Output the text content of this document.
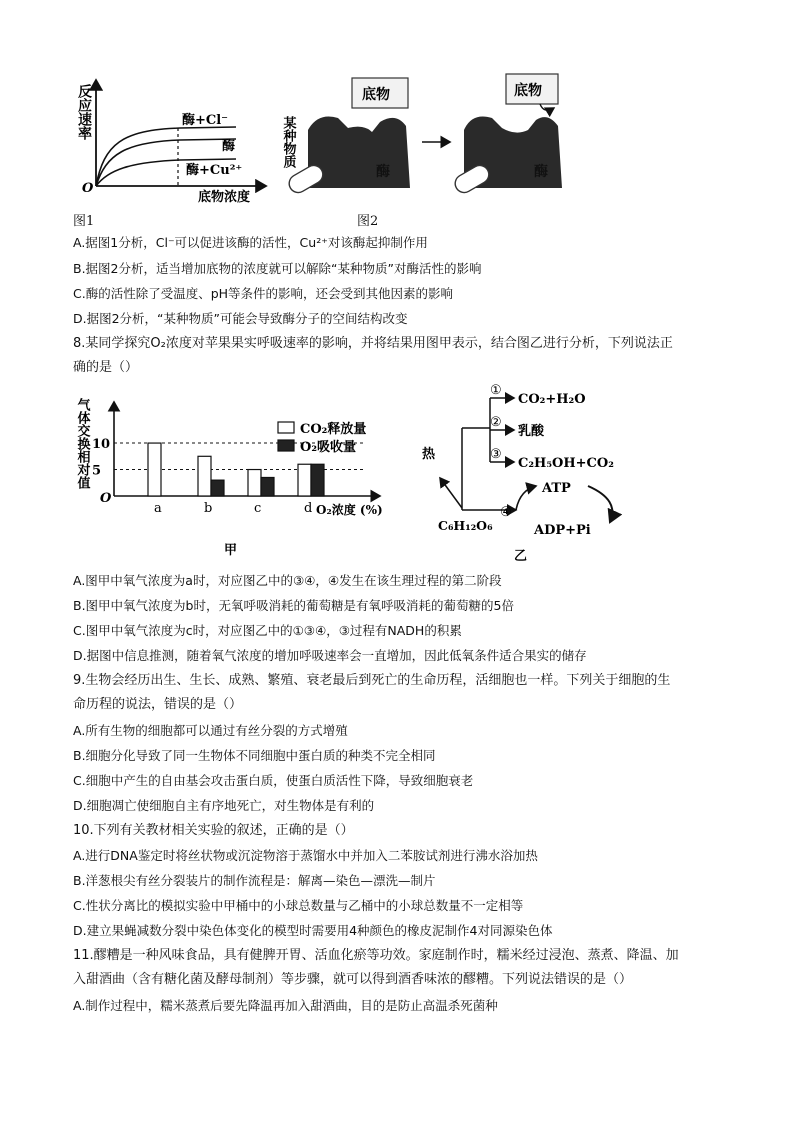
反应速率
O
底物浓度
酶+Cl⁻
酶
酶+Cu²⁺
底物
某种物质
酶
底物
酶
图1	图2
A.据图1分析，Cl⁻可以促进该酶的活性，Cu²⁺对该酶起抑制作用
B.据图2分析，适当增加底物的浓度就可以解除“某种物质”对酶活性的影响
C.酶的活性除了受温度、pH等条件的影响，还会受到其他因素的影响
D.据图2分析，“某种物质”可能会导致酶分子的空间结构改变
8.某同学探究O₂浓度对苹果果实呼吸速率的影响，并将结果用图甲表示，结合图乙进行分析，下列说法正
确的是（）
气体交换相对值
O
O₂浓度 (%)
5
10
a	b	c	d
CO₂释放量
O₂吸收量
甲
①
②
③
CO₂+H₂O
乳酸
C₂H₅OH+CO₂
热
C₆H₁₂O₆
④
ATP
ADP+Pi
乙
A.图甲中氧气浓度为a时，对应图乙中的③④，④发生在该生理过程的第二阶段
B.图甲中氧气浓度为b时，无氧呼吸消耗的葡萄糖是有氧呼吸消耗的葡萄糖的5倍
C.图甲中氧气浓度为c时，对应图乙中的①③④，③过程有NADH的积累
D.据图中信息推测，随着氧气浓度的增加呼吸速率会一直增加，因此低氧条件适合果实的储存
9.生物会经历出生、生长、成熟、繁殖、衰老最后到死亡的生命历程，活细胞也一样。下列关于细胞的生
命历程的说法，错误的是（）
A.所有生物的细胞都可以通过有丝分裂的方式增殖
B.细胞分化导致了同一生物体不同细胞中蛋白质的种类不完全相同
C.细胞中产生的自由基会攻击蛋白质，使蛋白质活性下降，导致细胞衰老
D.细胞凋亡使细胞自主有序地死亡，对生物体是有利的
10.下列有关教材相关实验的叙述，正确的是（）
A.进行DNA鉴定时将丝状物或沉淀物溶于蒸馏水中并加入二苯胺试剂进行沸水浴加热
B.洋葱根尖有丝分裂装片的制作流程是：解离—染色—漂洗—制片
C.性状分离比的模拟实验中甲桶中的小球总数量与乙桶中的小球总数量不一定相等
D.建立果蝇减数分裂中染色体变化的模型时需要用4种颜色的橡皮泥制作4对同源染色体
11.醪糟是一种风味食品，具有健脾开胃、活血化瘀等功效。家庭制作时，糯米经过浸泡、蒸煮、降温、加
入甜酒曲（含有糖化菌及酵母制剂）等步骤，就可以得到酒香味浓的醪糟。下列说法错误的是（）
A.制作过程中，糯米蒸煮后要先降温再加入甜酒曲，目的是防止高温杀死菌种
